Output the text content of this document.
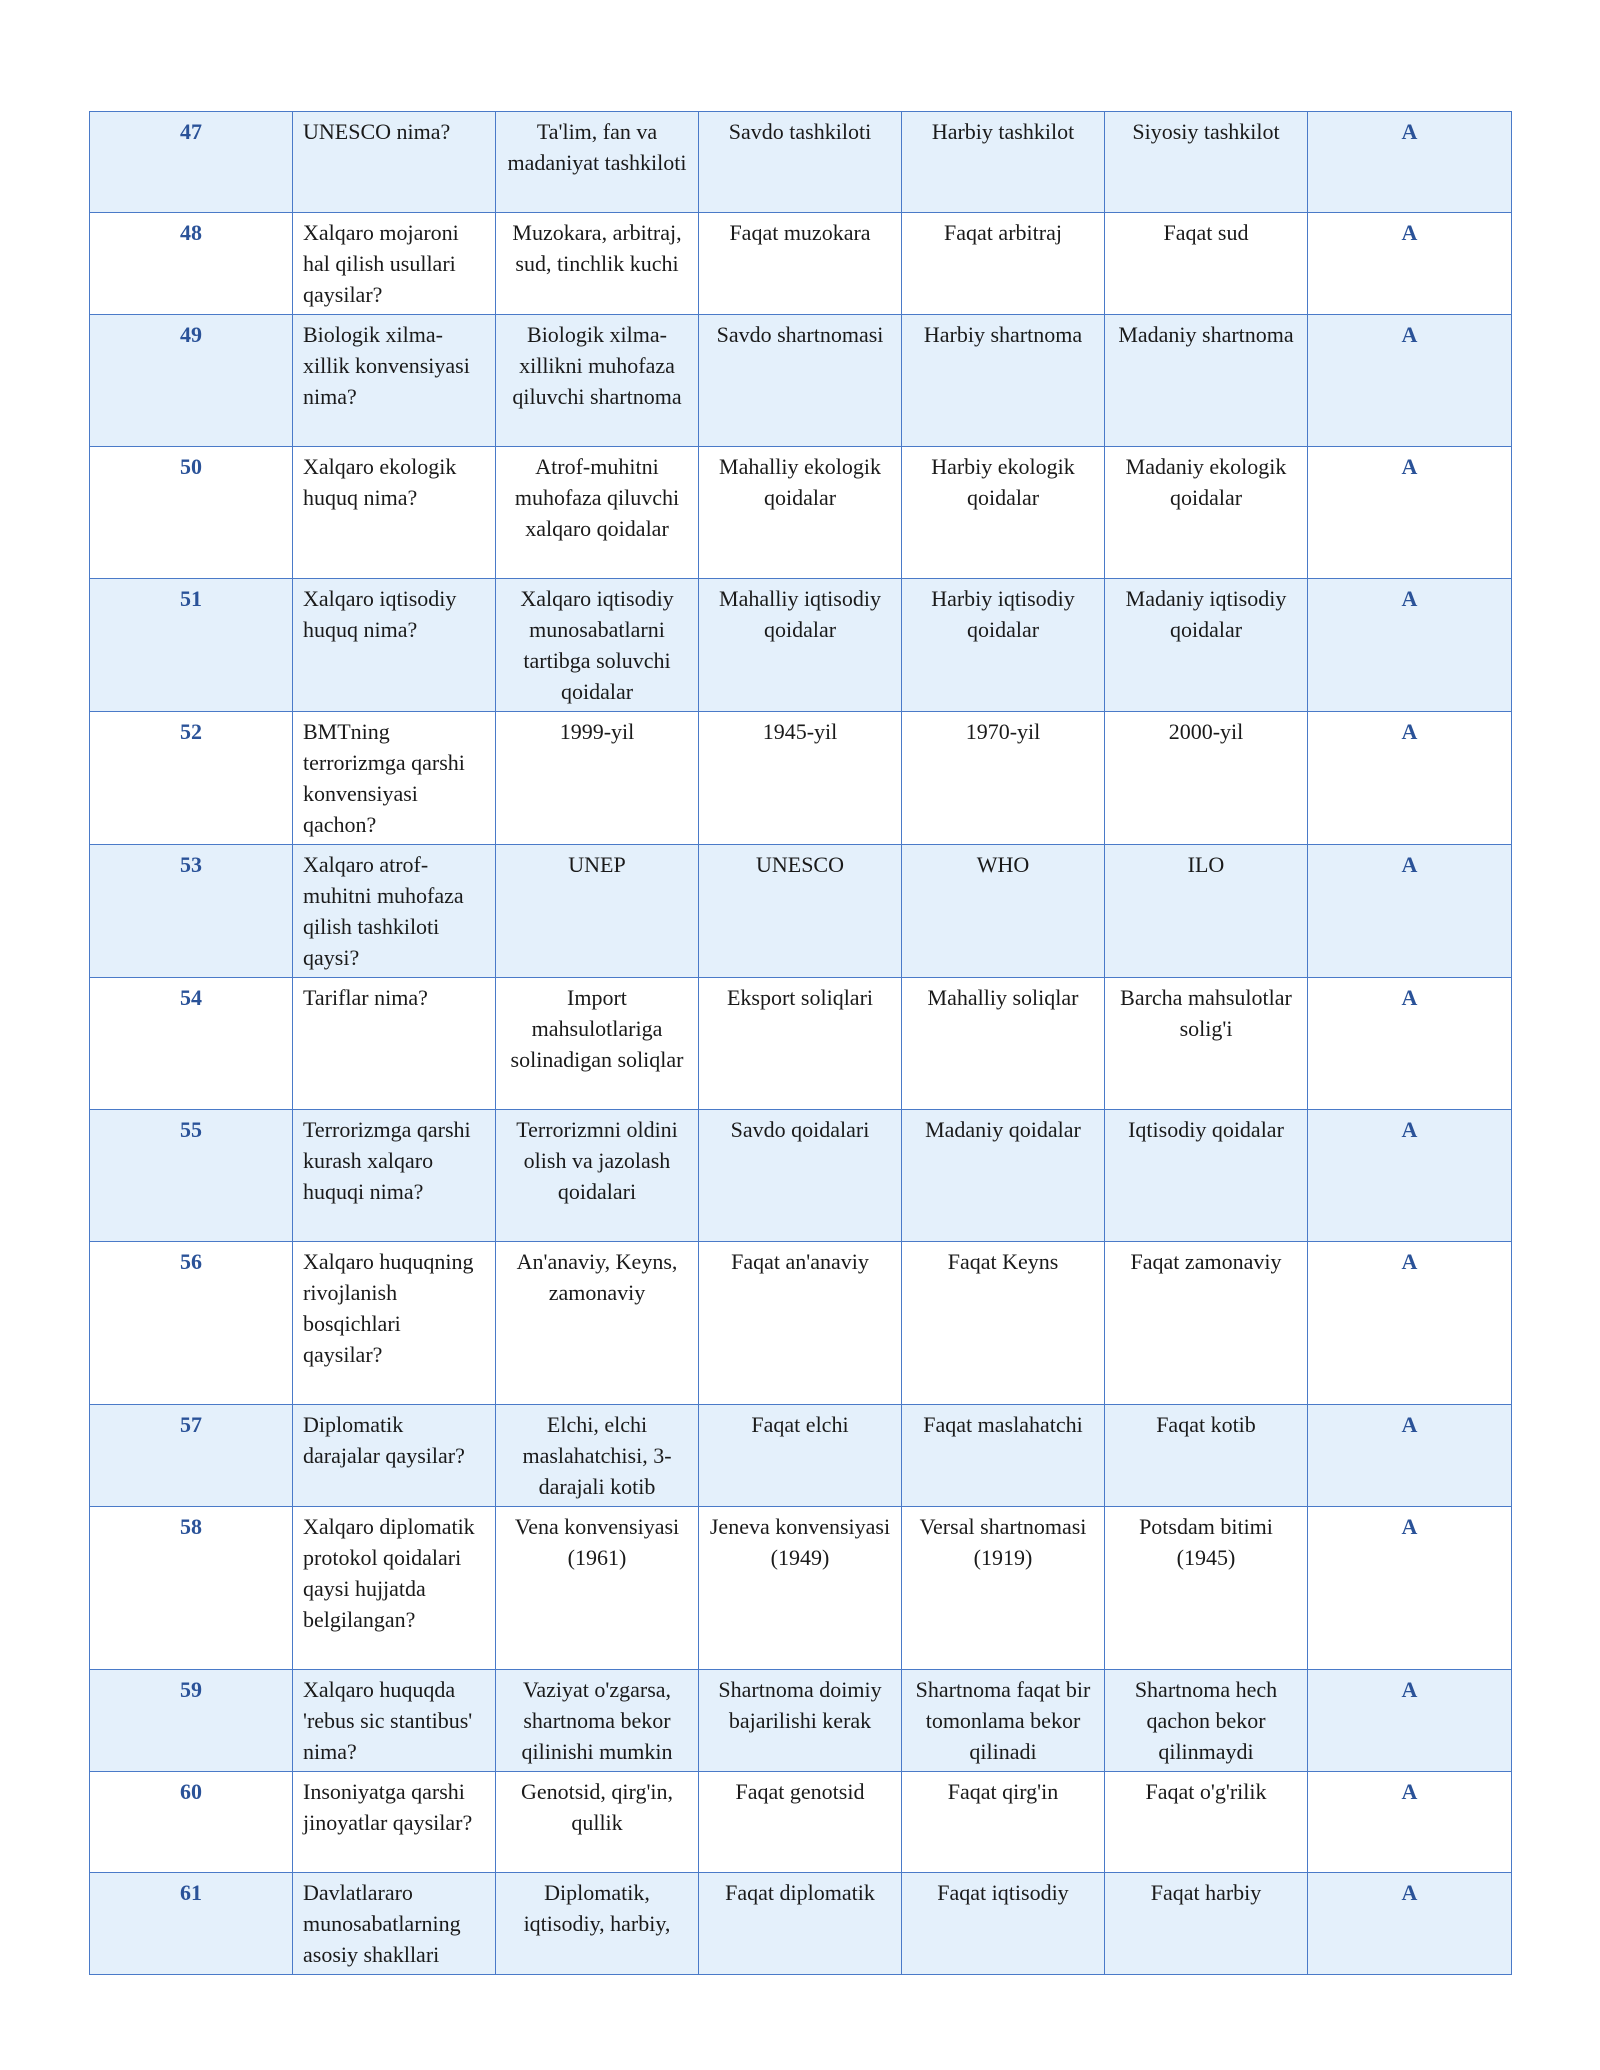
47	UNESCO nima?	Ta'lim, fan va madaniyat tashkiloti	Savdo tashkiloti	Harbiy tashkilot	Siyosiy tashkilot	A
48	Xalqaro mojaroni hal qilish usullari qaysilar?	Muzokara, arbitraj, sud, tinchlik kuchi	Faqat muzokara	Faqat arbitraj	Faqat sud	A
49	Biologik xilma-xillik konvensiyasi nima?	Biologik xilma-xillikni muhofaza qiluvchi shartnoma	Savdo shartnomasi	Harbiy shartnoma	Madaniy shartnoma	A
50	Xalqaro ekologik huquq nima?	Atrof-muhitni muhofaza qiluvchi xalqaro qoidalar	Mahalliy ekologik qoidalar	Harbiy ekologik qoidalar	Madaniy ekologik qoidalar	A
51	Xalqaro iqtisodiy huquq nima?	Xalqaro iqtisodiy munosabatlarni tartibga soluvchi qoidalar	Mahalliy iqtisodiy qoidalar	Harbiy iqtisodiy qoidalar	Madaniy iqtisodiy qoidalar	A
52	BMTning terrorizmga qarshi konvensiyasi qachon?	1999-yil	1945-yil	1970-yil	2000-yil	A
53	Xalqaro atrof-muhitni muhofaza qilish tashkiloti qaysi?	UNEP	UNESCO	WHO	ILO	A
54	Tariflar nima?	Import mahsulotlariga solinadigan soliqlar	Eksport soliqlari	Mahalliy soliqlar	Barcha mahsulotlar solig'i	A
55	Terrorizmga qarshi kurash xalqaro huquqi nima?	Terrorizmni oldini olish va jazolash qoidalari	Savdo qoidalari	Madaniy qoidalar	Iqtisodiy qoidalar	A
56	Xalqaro huquqning rivojlanish bosqichlari qaysilar?	An'anaviy, Keyns, zamonaviy	Faqat an'anaviy	Faqat Keyns	Faqat zamonaviy	A
57	Diplomatik darajalar qaysilar?	Elchi, elchi maslahatchisi, 3-darajali kotib	Faqat elchi	Faqat maslahatchi	Faqat kotib	A
58	Xalqaro diplomatik protokol qoidalari qaysi hujjatda belgilangan?	Vena konvensiyasi (1961)	Jeneva konvensiyasi (1949)	Versal shartnomasi (1919)	Potsdam bitimi (1945)	A
59	Xalqaro huquqda 'rebus sic stantibus' nima?	Vaziyat o'zgarsa, shartnoma bekor qilinishi mumkin	Shartnoma doimiy bajarilishi kerak	Shartnoma faqat bir tomonlama bekor qilinadi	Shartnoma hech qachon bekor qilinmaydi	A
60	Insoniyatga qarshi jinoyatlar qaysilar?	Genotsid, qirg'in, qullik	Faqat genotsid	Faqat qirg'in	Faqat o'g'rilik	A
61	Davlatlararo munosabatlarning asosiy shakllari	Diplomatik, iqtisodiy, harbiy,	Faqat diplomatik	Faqat iqtisodiy	Faqat harbiy	A
